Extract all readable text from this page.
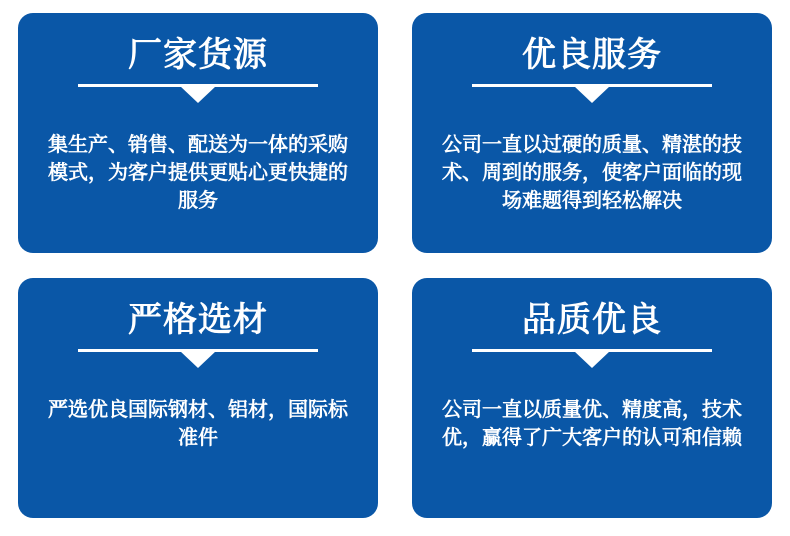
厂家货源

集生产、销售、配送为一体的采购模式，为客户提供更贴心更快捷的服务

优良服务

公司一直以过硬的质量、精湛的技术、周到的服务，使客户面临的现场难题得到轻松解决

严格选材

严选优良国际钢材、铝材，国际标准件

品质优良

公司一直以质量优、精度高，技术优，赢得了广大客户的认可和信赖
